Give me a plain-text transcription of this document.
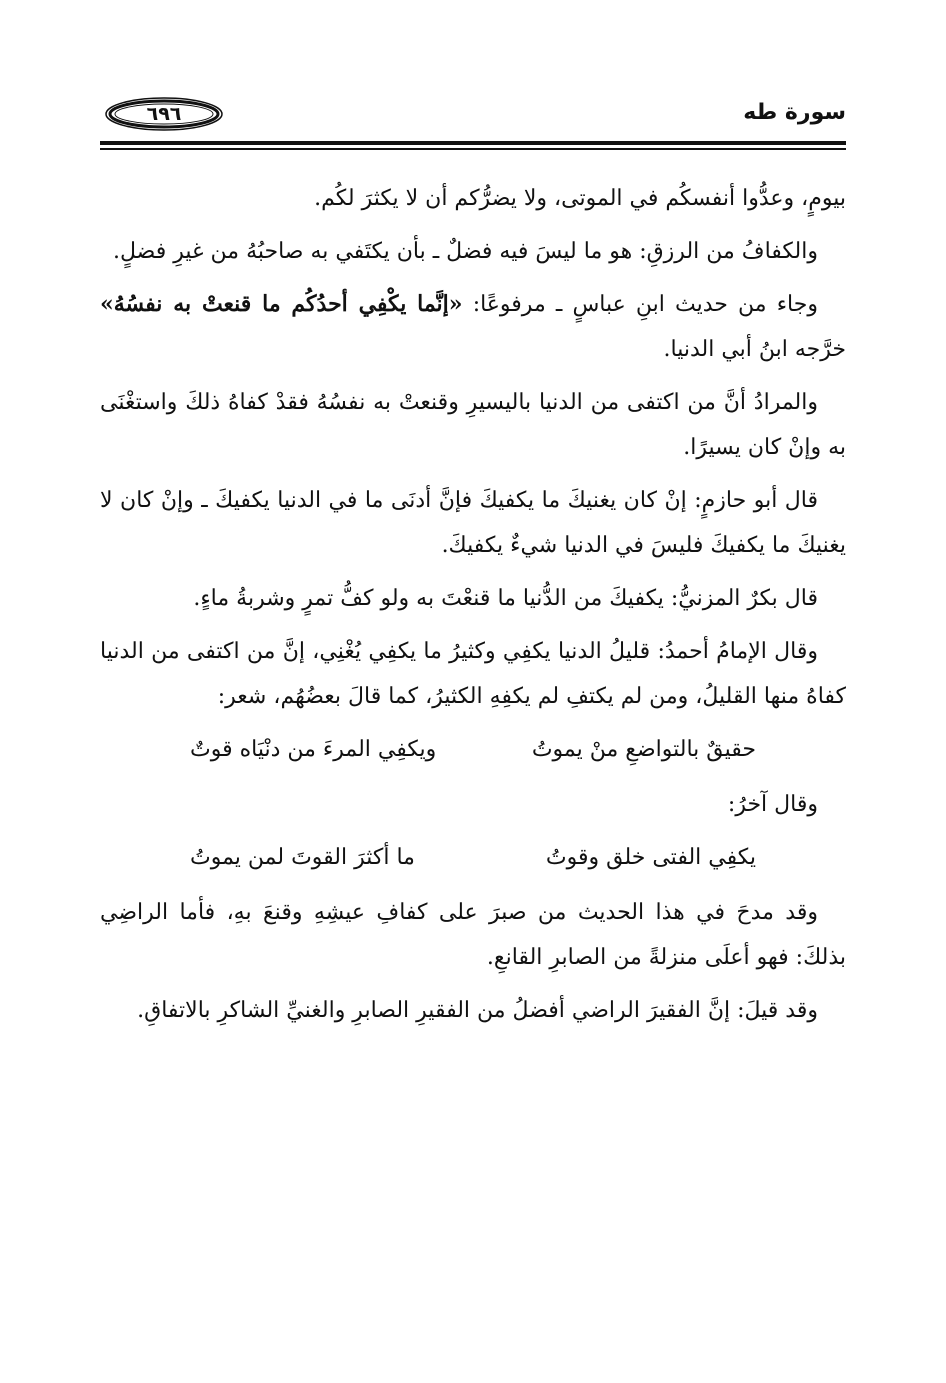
سورة طه
٦٩٦

بيومٍ، وعدُّوا أنفسكُم في الموتى، ولا يضرُّكم أن لا يكثرَ لكُم.

والكفافُ من الرزقِ: هو ما ليسَ فيه فضلٌ ـ بأن يكتَفي به صاحبُهُ من غيرِ فضلٍ.

وجاء من حديث ابنِ عباسٍ ـ مرفوعًا: «إنَّما يكْفِي أحدُكُم ما قنعتْ به نفسُهُ» خرَّجه ابنُ أبي الدنيا.

والمرادُ أنَّ من اكتفى من الدنيا باليسيرِ وقنعتْ به نفسُهُ فقدْ كفاهُ ذلكَ واستغْنَى به وإنْ كان يسيرًا.

قال أبو حازمٍ: إنْ كان يغنيكَ ما يكفيكَ فإنَّ أدنَى ما في الدنيا يكفيكَ ـ وإنْ كان لا يغنيكَ ما يكفيكَ فليسَ في الدنيا شيءٌ يكفيكَ.

قال بكرٌ المزنيُّ: يكفيكَ من الدُّنيا ما قنعْتَ به ولو كفُّ تمرٍ وشربةُ ماءٍ.

وقال الإمامُ أحمدُ: قليلُ الدنيا يكفِي وكثيرُ ما يكفِي يُغْنِي، إنَّ من اكتفى من الدنيا كفاهُ منها القليلُ، ومن لم يكتفِ لم يكفِهِ الكثيرُ، كما قالَ بعضُهُم، شعر:

حقيقٌ بالتواضعِ منْ يموتُ
ويكفِي المرءَ من دنْيَاه قوتٌ

وقال آخرُ:

يكفِي الفتى خلق وقوتُ
ما أكثرَ القوتَ لمن يموتُ

وقد مدحَ في هذا الحديث من صبرَ على كفافِ عيشِهِ وقنعَ بهِ، فأما الراضِي بذلكَ: فهو أعلَى منزلةً من الصابرِ القانعِ.

وقد قيلَ: إنَّ الفقيرَ الراضي أفضلُ من الفقيرِ الصابرِ والغنيِّ الشاكرِ بالاتفاقِ.
